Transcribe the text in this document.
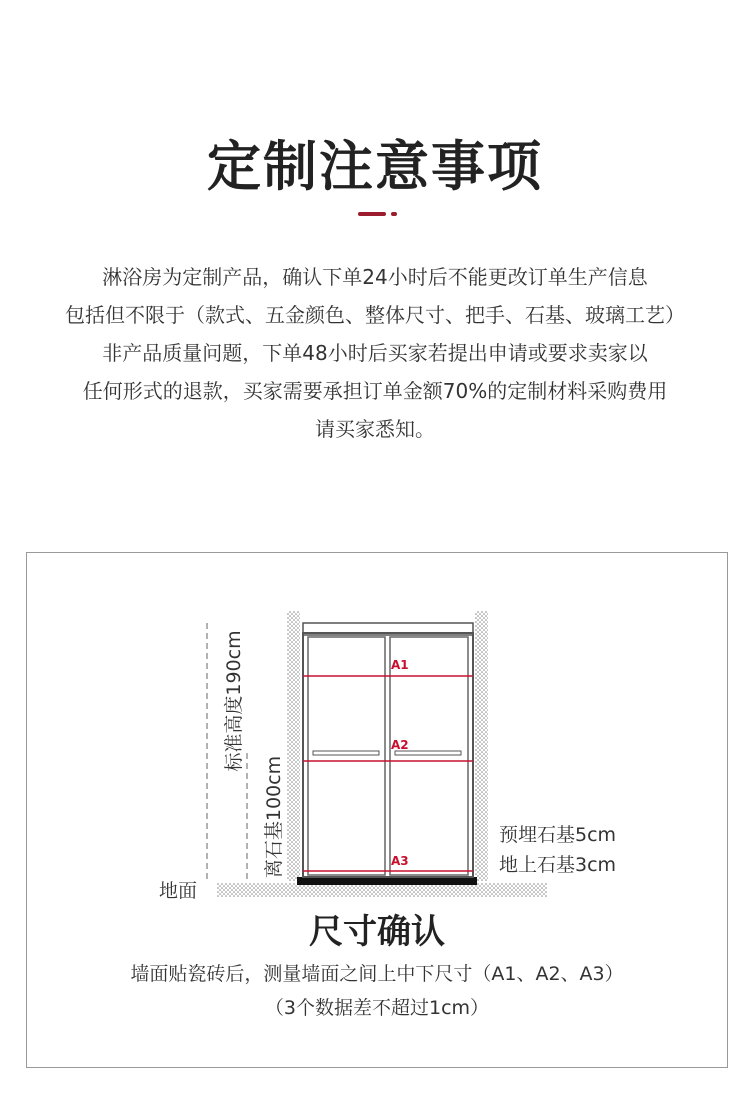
定制注意事项

淋浴房为定制产品，确认下单24小时后不能更改订单生产信息

包括但不限于（款式、五金颜色、整体尺寸、把手、石基、玻璃工艺）

非产品质量问题，下单48小时后买家若提出申请或要求卖家以

任何形式的退款，买家需要承担订单金额70%的定制材料采购费用

请买家悉知。

A1
A2
A3
标准高度190cm
离石基100cm
地面
预埋石基5cm
地上石基3cm
尺寸确认

墙面贴瓷砖后，测量墙面之间上中下尺寸（A1、A2、A3）

（3个数据差不超过1cm）
